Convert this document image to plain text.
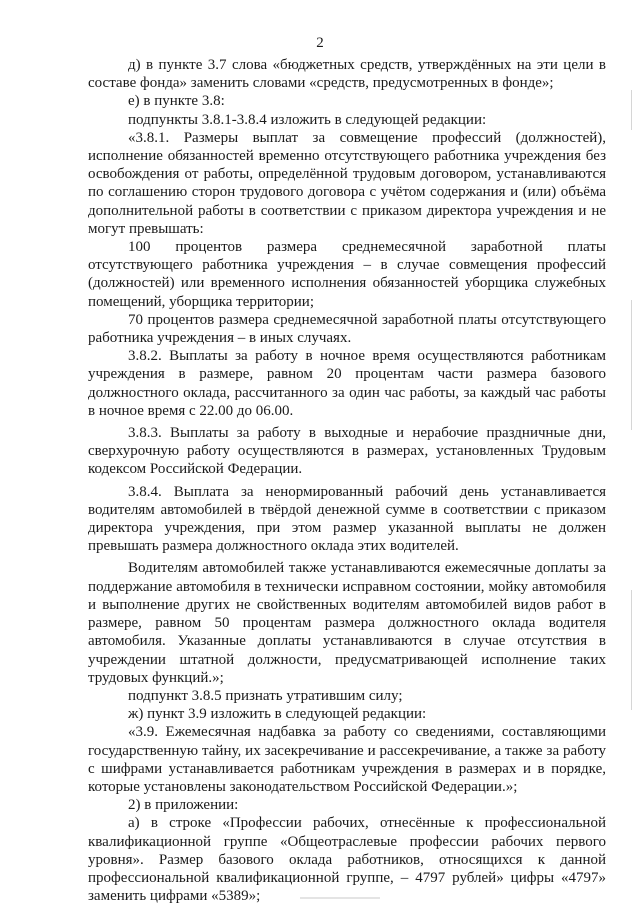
2

д) в пункте 3.7 слова «бюджетных средств, утверждённых на эти цели в составе фонда» заменить словами «средств, предусмотренных в фонде»;

е) в пункте 3.8:

подпункты 3.8.1-3.8.4 изложить в следующей редакции:

«3.8.1. Размеры выплат за совмещение профессий (должностей), исполнение обязанностей временно отсутствующего работника учреждения без освобождения от работы, определённой трудовым договором, устанавливаются по соглашению сторон трудового договора с учётом содержания и (или) объёма дополнительной работы в соответствии с приказом директора учреждения и не могут превышать:

100 процентов размера среднемесячной заработной платы отсутствующего работника учреждения – в случае совмещения профессий (должностей) или временного исполнения обязанностей уборщика служебных помещений, уборщика территории;

70 процентов размера среднемесячной заработной платы отсутствующего работника учреждения – в иных случаях.

3.8.2. Выплаты за работу в ночное время осуществляются работникам учреждения в размере, равном 20 процентам части размера базового должностного оклада, рассчитанного за один час работы, за каждый час работы в ночное время с 22.00 до 06.00.

3.8.3. Выплаты за работу в выходные и нерабочие праздничные дни, сверхурочную работу осуществляются в размерах, установленных Трудовым кодексом Российской Федерации.

3.8.4. Выплата за ненормированный рабочий день устанавливается водителям автомобилей в твёрдой денежной сумме в соответствии с приказом директора учреждения, при этом размер указанной выплаты не должен превышать размера должностного оклада этих водителей.

Водителям автомобилей также устанавливаются ежемесячные доплаты за поддержание автомобиля в технически исправном состоянии, мойку автомобиля и выполнение других не свойственных водителям автомобилей видов работ в размере, равном 50 процентам размера должностного оклада водителя автомобиля. Указанные доплаты устанавливаются в случае отсутствия в учреждении штатной должности, предусматривающей исполнение таких трудовых функций.»;

подпункт 3.8.5 признать утратившим силу;

ж) пункт 3.9 изложить в следующей редакции:

«3.9. Ежемесячная надбавка за работу со сведениями, составляющими государственную тайну, их засекречивание и рассекречивание, а также за работу с шифрами устанавливается работникам учреждения в размерах и в порядке, которые установлены законодательством Российской Федерации.»;

2) в приложении:

а) в строке «Профессии рабочих, отнесённые к профессиональной квалификационной группе «Общеотраслевые профессии рабочих первого уровня». Размер базового оклада работников, относящихся к данной профессиональной квалификационной группе, – 4797 рублей» цифры «4797» заменить цифрами «5389»;
